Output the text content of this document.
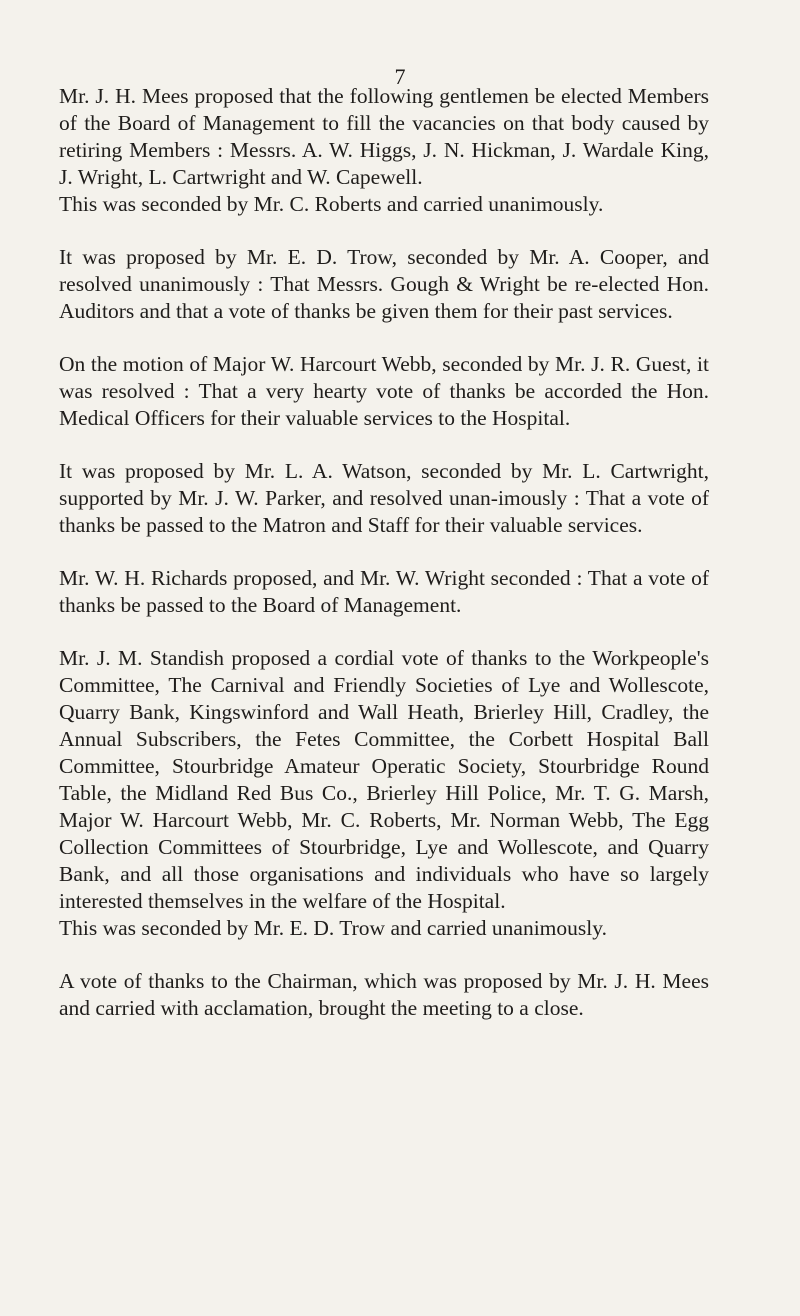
7

Mr. J. H. Mees proposed that the following gentlemen be elected Members of the Board of Management to fill the vacancies on that body caused by retiring Members : Messrs. A. W. Higgs, J. N. Hickman, J. Wardale King, J. Wright, L. Cartwright and W. Capewell.

This was seconded by Mr. C. Roberts and carried unanimously.

It was proposed by Mr. E. D. Trow, seconded by Mr. A. Cooper, and resolved unanimously : That Messrs. Gough & Wright be re-elected Hon. Auditors and that a vote of thanks be given them for their past services.

On the motion of Major W. Harcourt Webb, seconded by Mr. J. R. Guest, it was resolved : That a very hearty vote of thanks be accorded the Hon. Medical Officers for their valuable services to the Hospital.

It was proposed by Mr. L. A. Watson, seconded by Mr. L. Cartwright, supported by Mr. J. W. Parker, and resolved unan-imously : That a vote of thanks be passed to the Matron and Staff for their valuable services.

Mr. W. H. Richards proposed, and Mr. W. Wright seconded : That a vote of thanks be passed to the Board of Management.

Mr. J. M. Standish proposed a cordial vote of thanks to the Workpeople's Committee, The Carnival and Friendly Societies of Lye and Wollescote, Quarry Bank, Kingswinford and Wall Heath, Brierley Hill, Cradley, the Annual Subscribers, the Fetes Committee, the Corbett Hospital Ball Committee, Stourbridge Amateur Operatic Society, Stourbridge Round Table, the Midland Red Bus Co., Brierley Hill Police, Mr. T. G. Marsh, Major W. Harcourt Webb, Mr. C. Roberts, Mr. Norman Webb, The Egg Collection Committees of Stourbridge, Lye and Wollescote, and Quarry Bank, and all those organisations and individuals who have so largely interested themselves in the welfare of the Hospital.

This was seconded by Mr. E. D. Trow and carried unanimously.

A vote of thanks to the Chairman, which was proposed by Mr. J. H. Mees and carried with acclamation, brought the meeting to a close.
